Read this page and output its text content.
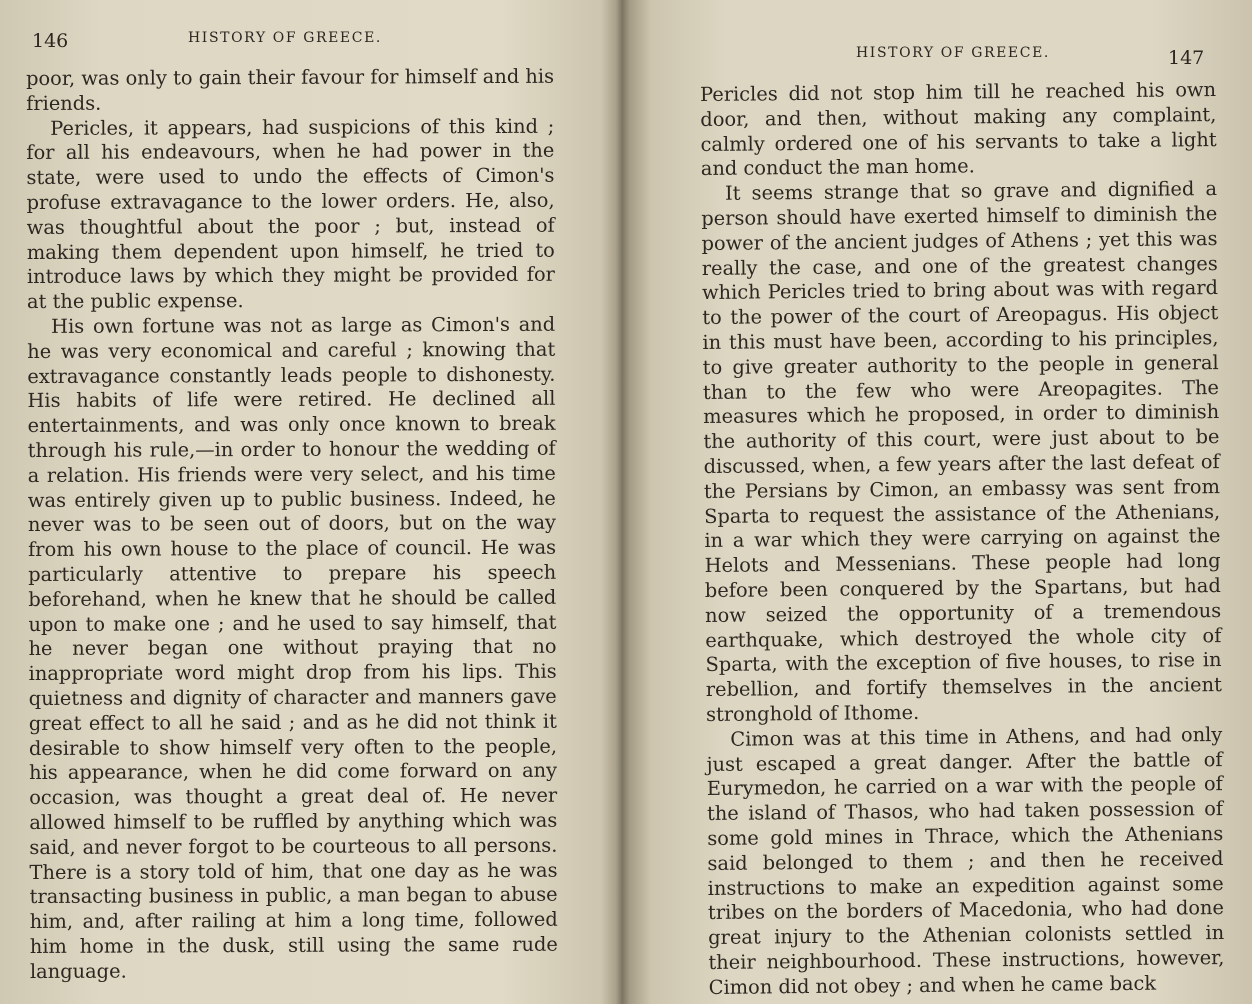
146	HISTORY OF GREECE.

poor, was only to gain their favour for himself and his friends.

Pericles, it appears, had suspicions of this kind ; for all his endeavours, when he had power in the state, were used to undo the effects of Cimon's profuse extravagance to the lower orders. He, also, was thoughtful about the poor ; but, instead of making them dependent upon himself, he tried to introduce laws by which they might be provided for at the public expense.

His own fortune was not as large as Cimon's and he was very economical and careful ; knowing that extravagance constantly leads people to dishonesty. His habits of life were retired. He declined all entertainments, and was only once known to break through his rule,—in order to honour the wedding of a relation. His friends were very select, and his time was entirely given up to public business. Indeed, he never was to be seen out of doors, but on the way from his own house to the place of council. He was particularly attentive to prepare his speech beforehand, when he knew that he should be called upon to make one ; and he used to say himself, that he never began one without praying that no inappropriate word might drop from his lips. This quietness and dignity of character and manners gave great effect to all he said ; and as he did not think it desirable to show himself very often to the people, his appearance, when he did come forward on any occasion, was thought a great deal of. He never allowed himself to be ruffled by anything which was said, and never forgot to be courteous to all persons. There is a story told of him, that one day as he was transacting business in public, a man began to abuse him, and, after railing at him a long time, followed him home in the dusk, still using the same rude language.

HISTORY OF GREECE.	147

Pericles did not stop him till he reached his own door, and then, without making any complaint, calmly ordered one of his servants to take a light and conduct the man home.

It seems strange that so grave and dignified a person should have exerted himself to diminish the power of the ancient judges of Athens ; yet this was really the case, and one of the greatest changes which Pericles tried to bring about was with regard to the power of the court of Areopagus. His object in this must have been, according to his principles, to give greater authority to the people in general than to the few who were Areopagites. The measures which he proposed, in order to diminish the authority of this court, were just about to be discussed, when, a few years after the last defeat of the Persians by Cimon, an embassy was sent from Sparta to request the assistance of the Athenians, in a war which they were carrying on against the Helots and Messenians. These people had long before been conquered by the Spartans, but had now seized the opportunity of a tremendous earthquake, which destroyed the whole city of Sparta, with the exception of five houses, to rise in rebellion, and fortify themselves in the ancient stronghold of Ithome.

Cimon was at this time in Athens, and had only just escaped a great danger. After the battle of Eurymedon, he carried on a war with the people of the island of Thasos, who had taken possession of some gold mines in Thrace, which the Athenians said belonged to them ; and then he received instructions to make an expedition against some tribes on the borders of Macedonia, who had done great injury to the Athenian colonists settled in their neighbourhood. These instructions, however, Cimon did not obey ; and when he came back
